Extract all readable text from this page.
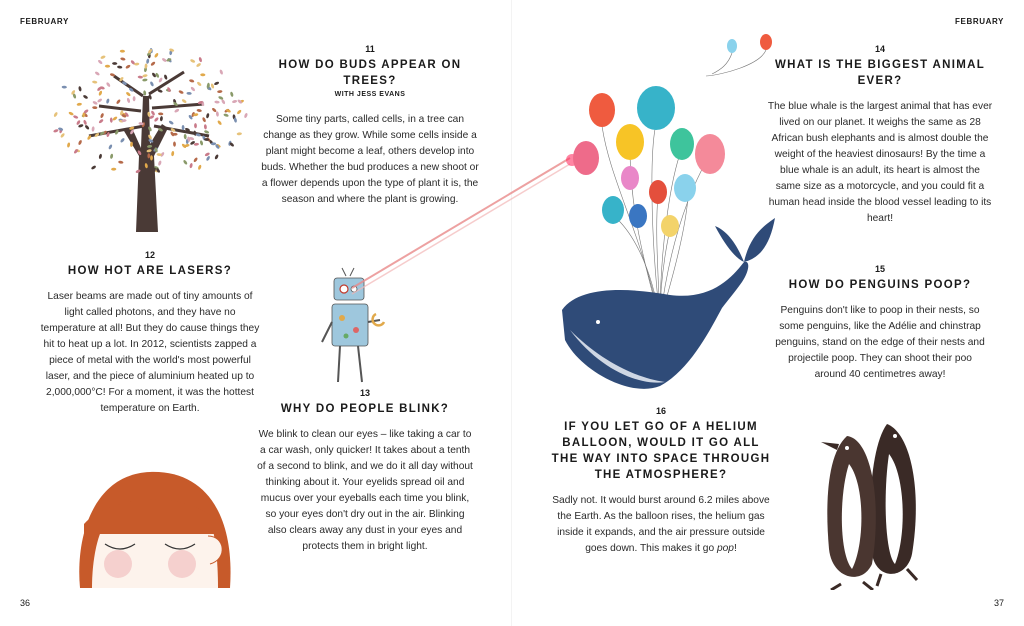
FEBRUARY
12
HOW HOT ARE LASERS?
Laser beams are made out of tiny amounts of light called photons, and they have no temperature at all! But they do cause things they hit to heat up a lot. In 2012, scientists zapped a piece of metal with the world's most powerful laser, and the piece of aluminium heated up to 2,000,000°C! For a moment, it was the hottest temperature on Earth.
11
HOW DO BUDS APPEAR ON TREES?
WITH JESS EVANS
Some tiny parts, called cells, in a tree can change as they grow. While some cells inside a plant might become a leaf, others develop into buds. Whether the bud produces a new shoot or a flower depends upon the type of plant it is, the season and where the plant is growing.
13
WHY DO PEOPLE BLINK?
We blink to clean our eyes – like taking a car to a car wash, only quicker! It takes about a tenth of a second to blink, and we do it all day without thinking about it. Your eyelids spread oil and mucus over your eyeballs each time you blink, so your eyes don't dry out in the air. Blinking also clears away any dust in your eyes and protects them in bright light.
36
FEBRUARY
14
WHAT IS THE BIGGEST ANIMAL EVER?
The blue whale is the largest animal that has ever lived on our planet. It weighs the same as 28 African bush elephants and is almost double the weight of the heaviest dinosaurs! By the time a blue whale is an adult, its heart is almost the same size as a motorcycle, and you could fit a human head inside the blood vessel leading to its heart!
15
HOW DO PENGUINS POOP?
Penguins don't like to poop in their nests, so some penguins, like the Adélie and chinstrap penguins, stand on the edge of their nests and projectile poop. They can shoot their poo around 40 centimetres away!
37
16
IF YOU LET GO OF A HELIUM BALLOON, WOULD IT GO ALL THE WAY INTO SPACE THROUGH THE ATMOSPHERE?
Sadly not. It would burst around 6.2 miles above the Earth. As the balloon rises, the helium gas inside it expands, and the air pressure outside goes down. This makes it go pop!
